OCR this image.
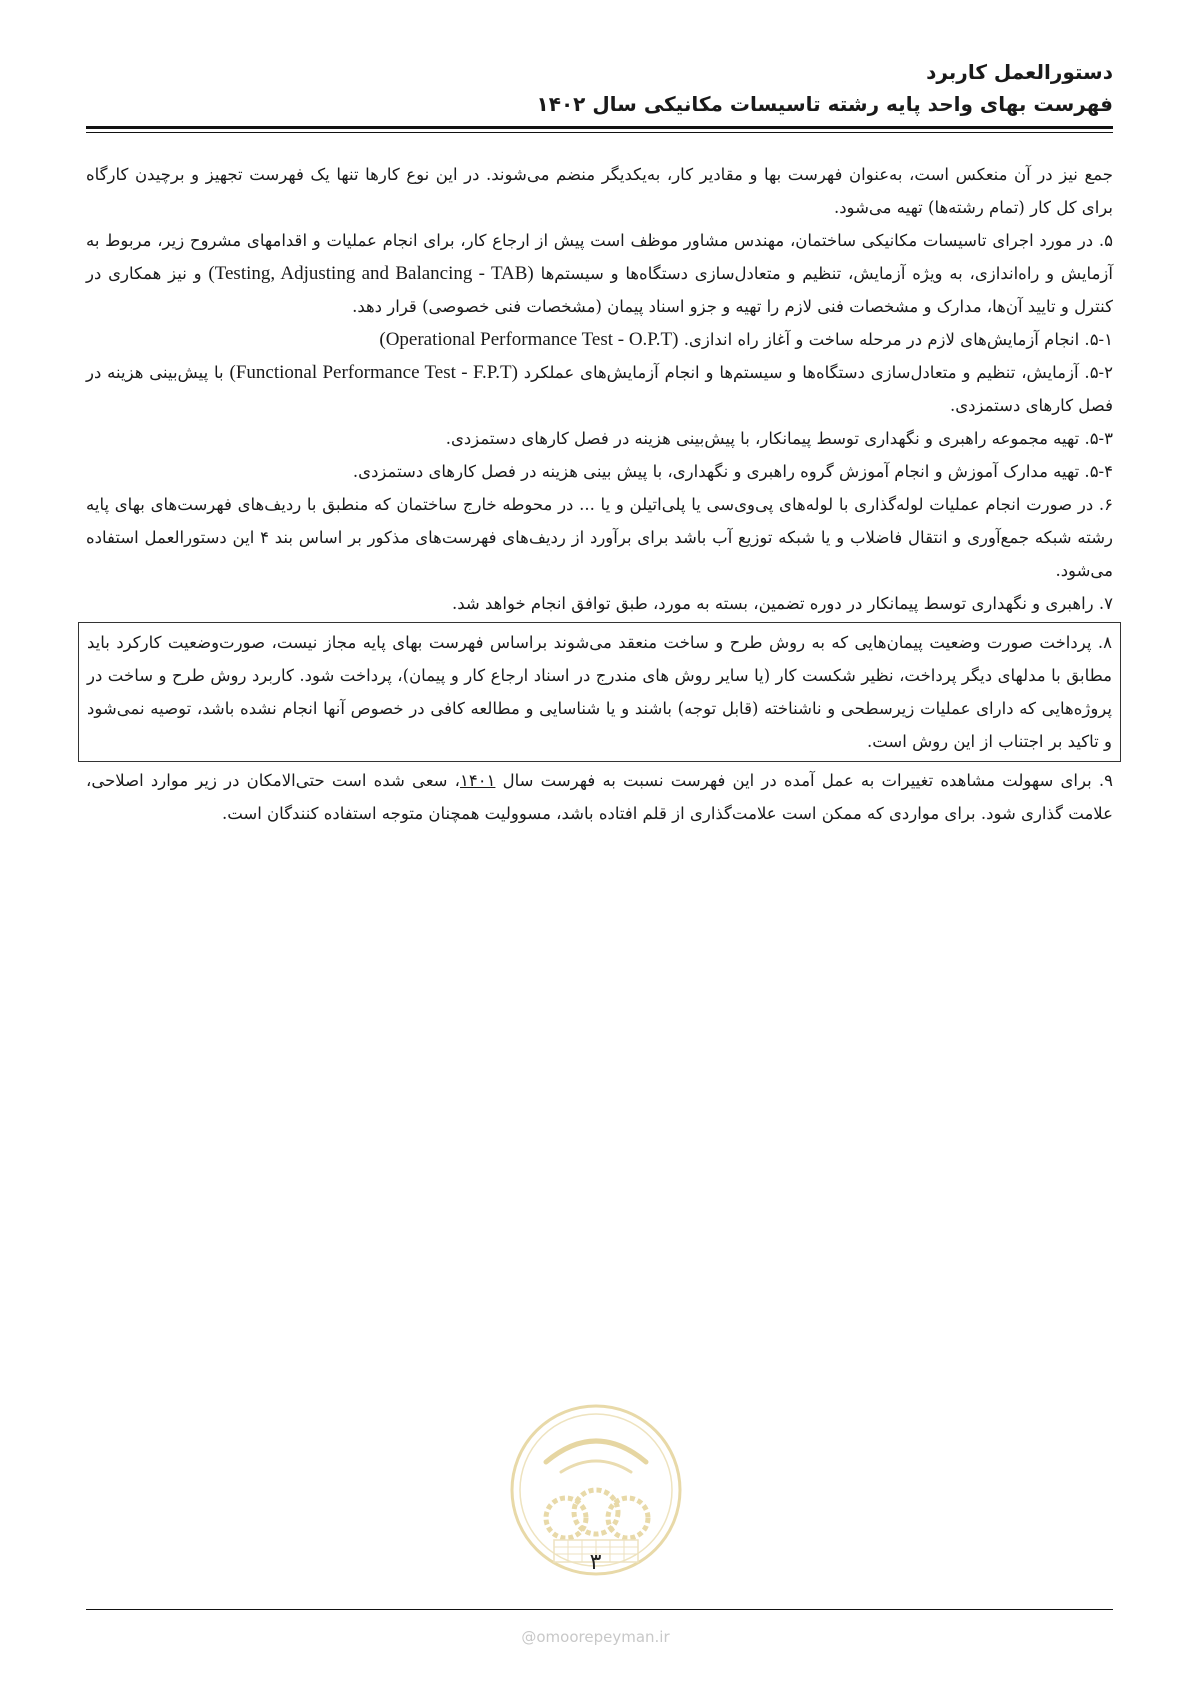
دستورالعمل کاربرد
فهرست بهای واحد پایه رشته تاسیسات مکانیکی سال ۱۴۰۲

جمع نیز در آن منعکس است، به‌عنوان فهرست بها و مقادیر کار، به‌یکدیگر منضم می‌شوند. در این نوع کارها تنها یک فهرست تجهیز و برچیدن کارگاه برای کل کار (تمام رشته‌ها) تهیه می‌شود.

۵. در مورد اجرای تاسیسات مکانیکی ساختمان، مهندس مشاور موظف است پیش از ارجاع کار، برای انجام عملیات و اقدامهای مشروح زیر، مربوط به آزمایش و راه‌اندازی، به ویژه آزمایش، تنظیم و متعادل‌سازی دستگاه‌ها و سیستم‌ها (Testing, Adjusting and Balancing - TAB) و نیز همکاری در کنترل و تایید آن‌ها، مدارک و مشخصات فنی لازم را تهیه و جزو اسناد پیمان (مشخصات فنی خصوصی) قرار دهد.

۵-۱. انجام آزمایش‌های لازم در مرحله ساخت و آغاز راه اندازی. (Operational Performance Test - O.P.T)

۵-۲. آزمایش، تنظیم و متعادل‌سازی دستگاه‌ها و سیستم‌ها و انجام آزمایش‌های عملکرد (Functional Performance Test - F.P.T) با پیش‌بینی هزینه در فصل کارهای دستمزدی.

۵-۳. تهیه مجموعه راهبری و نگهداری توسط پیمانکار، با پیش‌بینی هزینه در فصل کارهای دستمزدی.

۵-۴. تهیه مدارک آموزش و انجام آموزش گروه راهبری و نگهداری، با پیش بینی هزینه در فصل کارهای دستمزدی.

۶. در صورت انجام عملیات لوله‌گذاری با لوله‌های پی‌وی‌سی یا پلی‌اتیلن و یا ... در محوطه خارج ساختمان که منطبق با ردیف‌های فهرست‌های بهای پایه رشته شبکه جمع‌آوری و انتقال فاضلاب و یا شبکه توزیع آب باشد برای برآورد از ردیف‌های فهرست‌های مذکور بر اساس بند ۴ این دستورالعمل استفاده می‌شود.

۷. راهبری و نگهداری توسط پیمانکار در دوره تضمین، بسته به مورد، طبق توافق انجام خواهد شد.

۸. پرداخت صورت وضعیت پیمان‌هایی که به روش طرح و ساخت منعقد می‌شوند براساس فهرست بهای پایه مجاز نیست، صورت‌وضعیت کارکرد باید مطابق با مدلهای دیگر پرداخت، نظیر شکست کار (یا سایر روش های مندرج در اسناد ارجاع کار و پیمان)، پرداخت شود. کاربرد روش طرح و ساخت در پروژه‌هایی که دارای عملیات زیرسطحی و ناشناخته (قابل توجه) باشند و یا شناسایی و مطالعه کافی در خصوص آنها انجام نشده باشد، توصیه نمی‌شود و تاکید بر اجتناب از این روش است.

۹. برای سهولت مشاهده تغییرات به عمل آمده در این فهرست نسبت به فهرست سال ۱۴۰۱، سعی شده است حتی‌الامکان در زیر موارد اصلاحی، علامت گذاری شود. برای مواردی که ممکن است علامت‌گذاری از قلم افتاده باشد، مسوولیت همچنان متوجه استفاده کنندگان است.

۳
@omoorepeyman.ir
